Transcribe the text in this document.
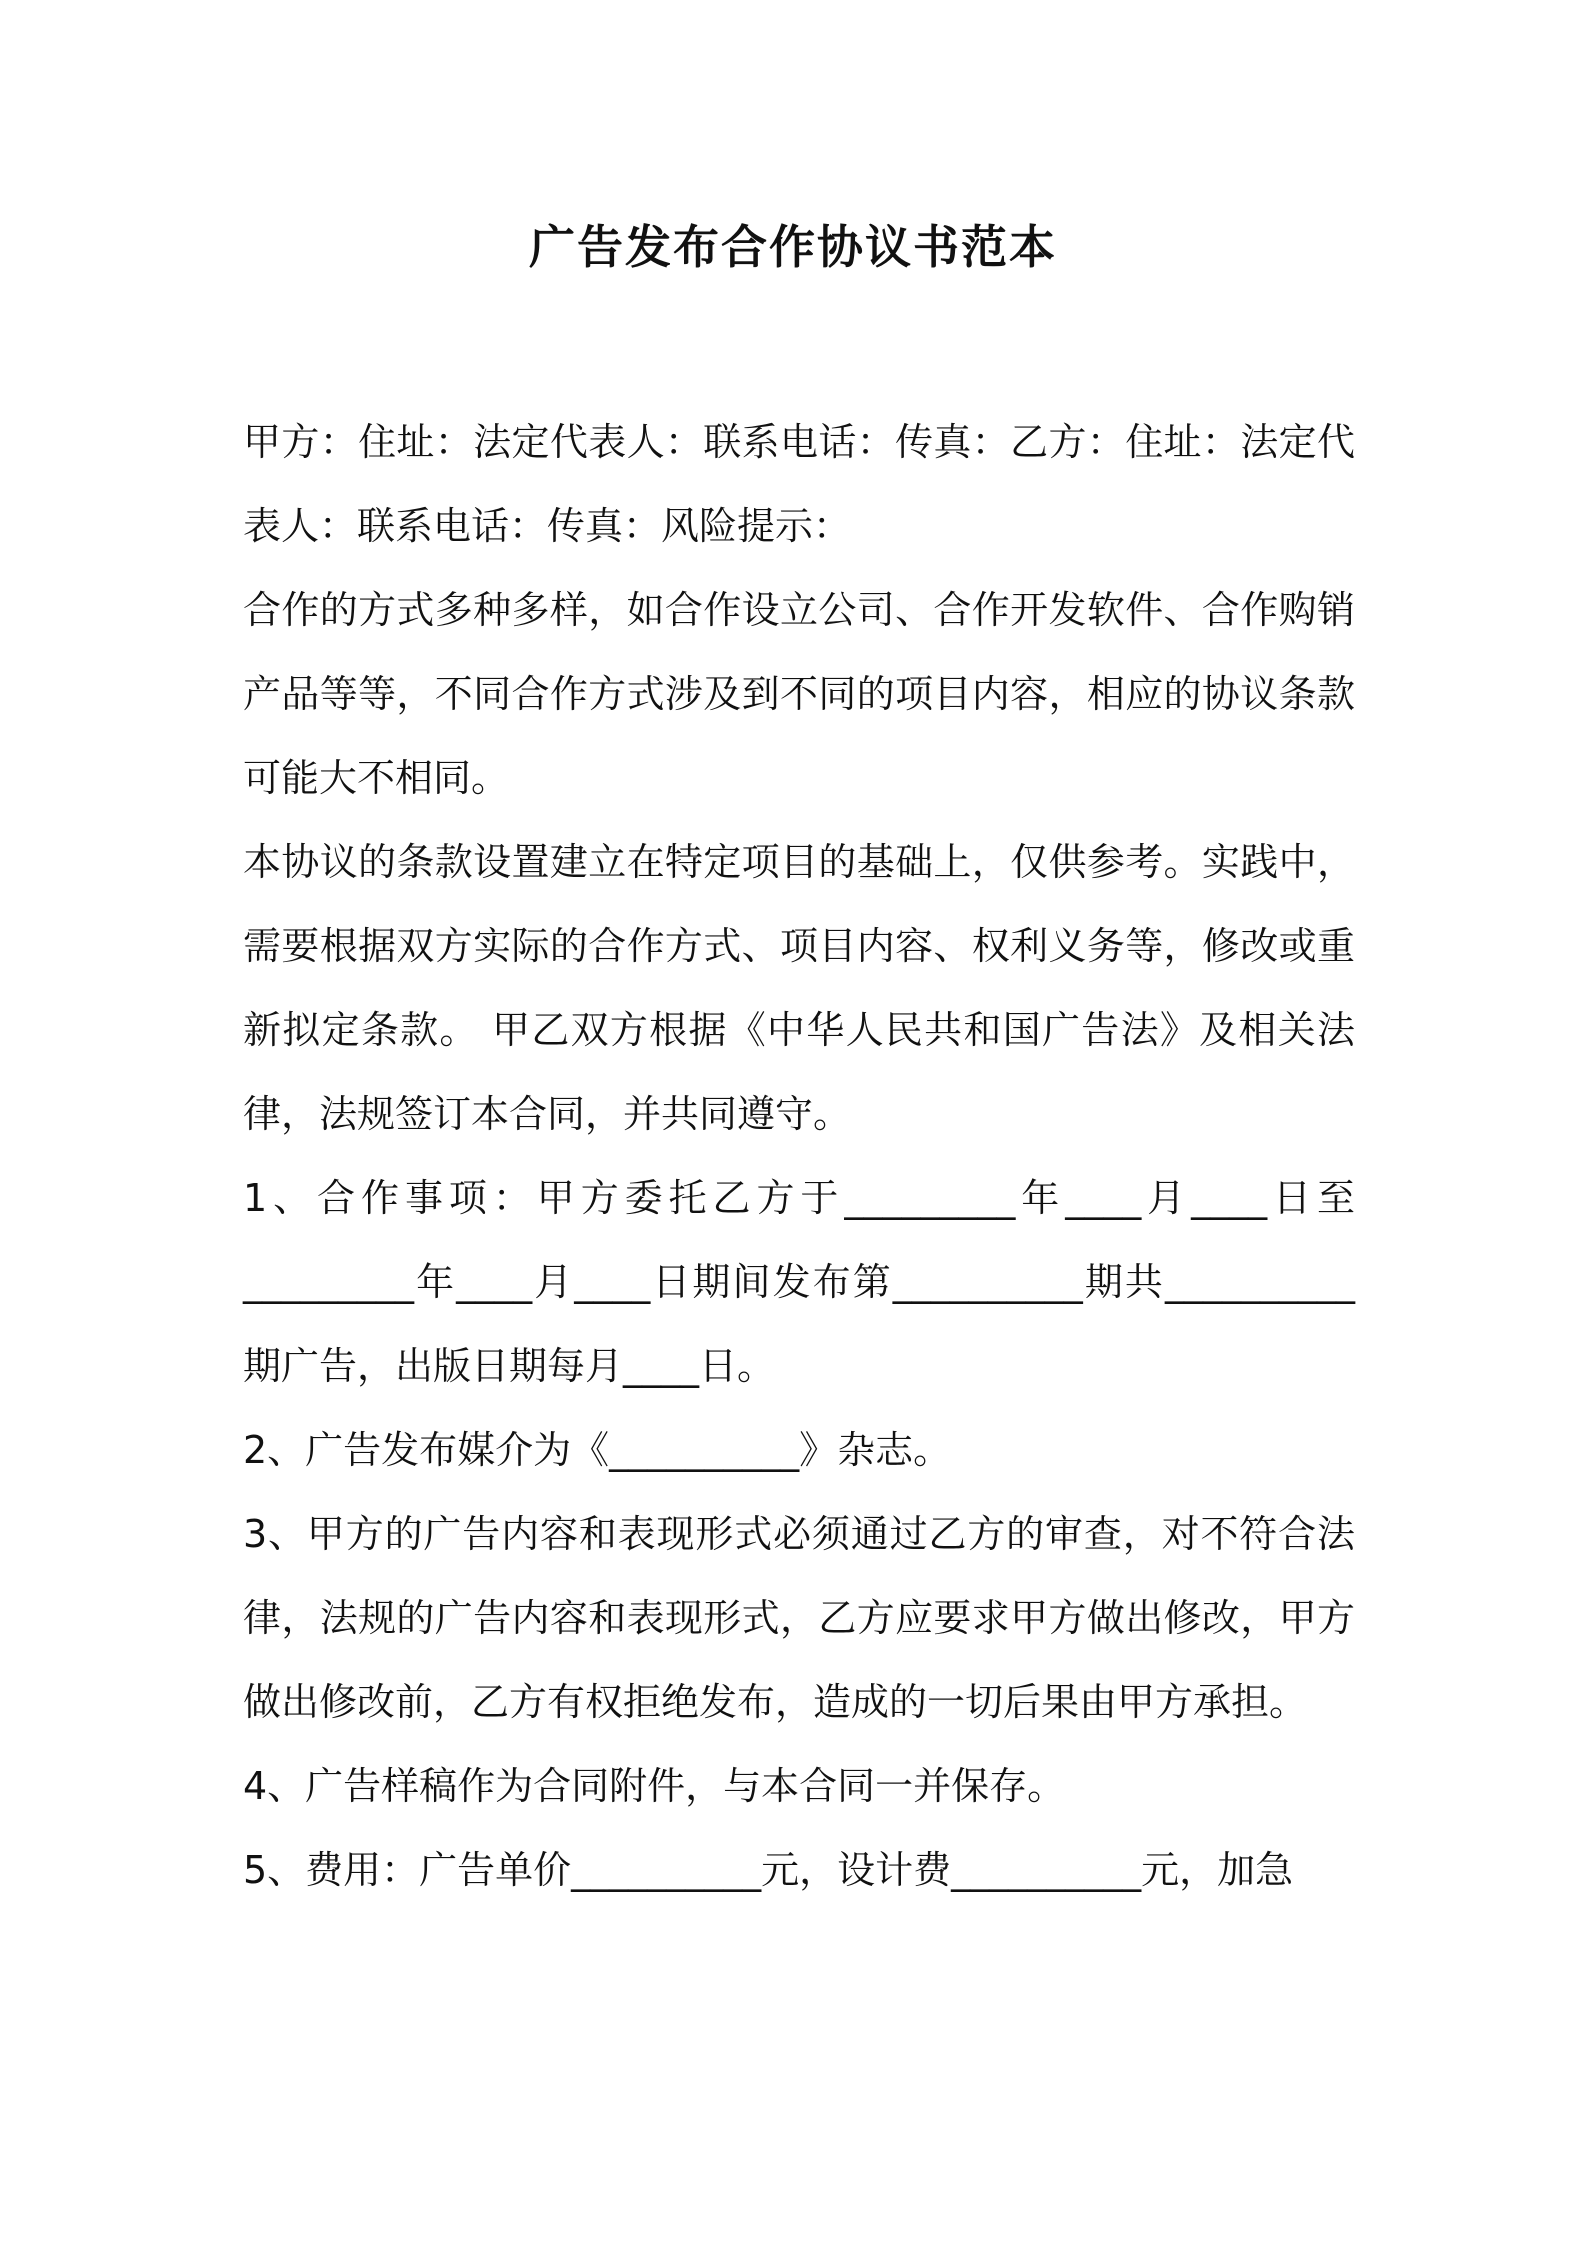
广告发布合作协议书范本

甲方：住址：法定代表人：联系电话：传真：乙方：住址：法定代表人：联系电话：传真：风险提示：

合作的方式多种多样，如合作设立公司、合作开发软件、合作购销产品等等，不同合作方式涉及到不同的项目内容，相应的协议条款可能大不相同。

本协议的条款设置建立在特定项目的基础上，仅供参考。实践中，需要根据双方实际的合作方式、项目内容、权利义务等，修改或重新拟定条款。 甲乙双方根据《中华人民共和国广告法》及相关法律，法规签订本合同，并共同遵守。

1、合作事项：甲方委托乙方于_________年____月____日至_________年____月____日期间发布第__________期共__________期广告，出版日期每月____日。

2、广告发布媒介为《__________》杂志。

3、甲方的广告内容和表现形式必须通过乙方的审查，对不符合法律，法规的广告内容和表现形式，乙方应要求甲方做出修改，甲方做出修改前，乙方有权拒绝发布，造成的一切后果由甲方承担。

4、广告样稿作为合同附件，与本合同一并保存。

5、费用：广告单价__________元，设计费__________元，加急
